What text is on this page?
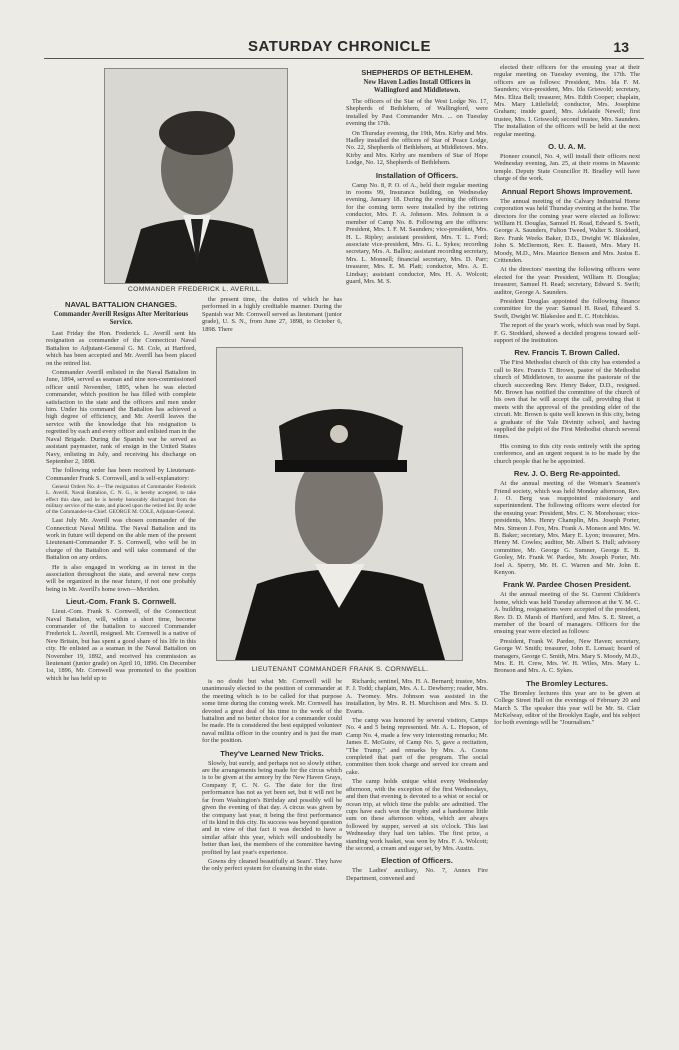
SATURDAY CHRONICLE	13
COMMANDER FREDERICK L. AVERILL.
LIEUTENANT COMMANDER FRANK S. CORNWELL.
NAVAL BATTALION CHANGES.
Commander Averill Resigns After Meritorious Service.

Last Friday the Hon. Frederick L. Averill sent his resignation as commander of the Connecticut Naval Battalion to Adjutant-General G. M. Cole, at Hartford, which has been accepted and Mr. Averill has been placed on the retired list.

Commander Averill enlisted in the Naval Battalion in June, 1894, served as seaman and nine non-commissioned officer until November, 1895, when he was elected commander, which position he has filled with complete satisfaction to the state and the officers and men under him. Under his command the Battalion has achieved a high degree of efficiency, and Mr. Averill leaves the service with the knowledge that his resignation is regretted by each and every officer and enlisted man in the Naval Brigade. During the Spanish war he served as assistant paymaster, rank of ensign in the United States Navy, enlisting in July, and receiving his discharge on September 2, 1898.

The following order has been received by Lieutenant-Commander Frank S. Cornwell, and is self-explanatory:

General Orders No. 4—The resignation of Commander Frederick L. Averill, Naval Battalion, C. N. G., is hereby accepted, to take effect this date, and he is hereby honorably discharged from the military service of the state, and placed upon the retired list. By order of the Commander-in-Chief. GEORGE M. COLE, Adjutant-General.

Last July Mr. Averill was chosen commander of the Connecticut Naval Militia. The Naval Battalion and its work in future will depend on the able men of the present Lieutenant-Commander F. S. Cornwell, who will be in charge of the Battalion and will take command of the Battalion on any orders.

He is also engaged in working as in terest in the association throughout the state, and several new corps will be organized in the near future, if not one probably being in Mr. Averill's home town—Meriden.

Lieut.-Com. Frank S. Cornwell.

Lieut.-Com. Frank S. Cornwell, of the Connecticut Naval Battalion, will, within a short time, become commander of the battalion to succeed Commander Frederick L. Averill, resigned. Mr. Cornwell is a native of New Britain, but has spent a good share of his life in this city. He enlisted as a seaman in the Naval Battalion on November 19, 1892, and received his commission as lieutenant (junior grade) on April 10, 1896. On December 1st, 1896, Mr. Cornwell was promoted to the position which he has held up to

the present time, the duties of which he has performed in a highly creditable manner. During the Spanish war Mr. Cornwell served as lieutenant (junior grade), U. S. N., from June 27, 1898, to October 6, 1898. There

is no doubt but what Mr. Cornwell will be unanimously elected to the position of commander at the meeting which is to be called for that purpose some time during the coming week. Mr. Cornwell has devoted a great deal of his time to the work of the battalion and no better choice for a commander could be made. He is considered the best equipped volunteer naval militia officer in the country and is just the man for the position.

They've Learned New Tricks.

Slowly, but surely, and perhaps not so slowly either, are the arrangements being made for the circus which is to be given at the armory by the New Haven Grays, Company F, C. N. G. The date for the first performance has not as yet been set, but it will not be far from Washington's Birthday and possibly will be given the evening of that day. A circus was given by the company last year, it being the first performance of its kind in this city. Its success was beyond question and in view of that fact it was decided to have a similar affair this year, which will undoubtedly be better than last, the members of the committee having profited by last year's experience.

Gowns dry cleaned beautifully at Sears'. They have the only perfect system for cleansing in the state.

SHEPHERDS OF BETHLEHEM.
New Haven Ladies Install Officers in Wallingford and Middletown.

The officers of the Star of the West Lodge No. 17, Shepherds of Bethlehem, of Wallingford, were installed by Past Commander Mrs. ... on Tuesday evening the 17th.

On Thursday evening, the 19th, Mrs. Kirby and Mrs. Hadley installed the officers of Star of Peace Lodge, No. 22, Shepherds of Bethlehem, at Middletown. Mrs. Kirby and Mrs. Kirby are members of Star of Hope Lodge, No. 12, Shepherds of Bethlehem.

Installation of Officers.

Camp No. 8, P. O. of A., held their regular meeting in rooms 99, Insurance building, on Wednesday evening, January 18. During the evening the officers for the coming term were installed by the retiring conductor, Mrs. F. A. Johnson. Mrs. Johnson is a member of Camp No. 8. Following are the officers: President, Mrs. I. F. M. Saunders; vice-president, Mrs. H. L. Ripley; assistant president, Mrs. T. L. Ford; associate vice-president, Mrs. G. L. Sykes; recording secretary, Mrs. A. Ballou; assistant recording secretary, Mrs. L. Monnell; financial secretary, Mrs. D. Parr; treasurer, Mrs. E. M. Platt; conductor, Mrs. A. E. Lindsay; assistant conductor, Mrs. H. A. Wolcott; guard, Mrs. M. S.

Richards; sentinel, Mrs. H. A. Bernard; trustee, Mrs. F. J. Todd; chaplain, Mrs. A. L. Dewberry; reader, Mrs. A. Twomey. Mrs. Johnson was assisted in the installation, by Mrs. R. H. Murchison and Mrs. S. D. Evarts.

The camp was honored by several visitors, Camps No. 4 and 5 being represented. Mr. A. L. Hopson, of Camp No. 4, made a few very interesting remarks; Mr. James E. McGuire, of Camp No. 5, gave a recitation, "The Tramp," and remarks by Mrs. A. Coons completed that part of the program. The social committee then took charge and served ice cream and cake.

The camp holds unique whist every Wednesday afternoon, with the exception of the first Wednesdays, and then that evening is devoted to a whist or social or ocean trip, at which time the public are admitted. The cups have each won the trophy and a handsome little sum on these afternoon whists, which are always followed by supper, served at six o'clock. This last Wednesday they had ten tables. The first prize, a standing work basket, was won by Mrs. F. A. Wolcott; the second, a cream and sugar set, by Mrs. Austin.

Election of Officers.

The Ladies' auxiliary, No. 7, Annex Fire Department, convened and

elected their officers for the ensuing year at their regular meeting on Tuesday evening, the 17th. The officers are as follows: President, Mrs. Ida F. M. Saunders; vice-president, Mrs. Ida Griswold; secretary, Mrs. Eliza Bell; treasurer, Mrs. Edith Cooper; chaplain, Mrs. Mary Littlefield; conductor, Mrs. Josephine Graham; inside guard, Mrs. Adelaide Newell; first trustee, Mrs. I. Griswold; second trustee, Mrs. Saunders. The installation of the officers will be held at the next regular meeting.

O. U. A. M.

Pioneer council, No. 4, will install their officers next Wednesday evening, Jan. 25, at their rooms in Masonic temple. Deputy State Councillor H. Bradley will have charge of the work.

Annual Report Shows Improvement.

The annual meeting of the Calvary Industrial Home corporation was held Thursday evening at the home. The directors for the coming year were elected as follows: William H. Douglas, Samuel H. Read, Edward S. Swift, George A. Saunders, Fulton Tweed, Walter S. Stoddard, Rev. Frank Weeks Baker, D.D., Dwight W. Blakeslee, John S. McDermott, Rev. E. Bassett, Mrs. Mary H. Moody, M.D., Mrs. Maurice Benson and Mrs. Justus E. Crittenden.

At the directors' meeting the following officers were elected for the year: President, William H. Douglas; treasurer, Samuel H. Read; secretary, Edward S. Swift; auditor, George A. Saunders.

President Douglas appointed the following finance committee for the year: Samuel H. Read, Edward S. Swift, Dwight W. Blakeslee and E. C. Hotchkiss.

The report of the year's work, which was read by Supt. F. G. Stoddard, showed a decided progress toward self-support of the institution.

Rev. Francis T. Brown Called.

The First Methodist church of this city has extended a call to Rev. Francis T. Brown, pastor of the Methodist church of Middletown, to assume the pastorate of the church succeeding Rev. Henry Baker, D.D., resigned. Mr. Brown has notified the committee of the church of his own that he will accept the call, providing that it meets with the approval of the presiding elder of the circuit. Mr. Brown is quite well known in this city, being a graduate of the Yale Divinity school, and having supplied the pulpit of the First Methodist church several times.

His coming to this city rests entirely with the spring conference, and an urgent request is to be made by the church people that he be appointed.

Rev. J. O. Berg Re-appointed.

At the annual meeting of the Woman's Seamen's Friend society, which was held Monday afternoon, Rev. J. O. Berg was reappointed missionary and superintendent. The following officers were elected for the ensuing year: President, Mrs. C. N. Morehouse; vice-presidents, Mrs. Henry Champlin, Mrs. Joseph Porter, Mrs. Simeon J. Fox, Mrs. Frank A. Monson and Mrs. W. B. Baker; secretary, Mrs. Mary E. Lyon; treasurer, Mrs. Henry M. Cowles; auditor, Mr. Albert S. Hull; advisory committee, Mr. George G. Sumner, George E. B. Gooley, Mr. Frank W. Pardee, Mr. Joseph Porter, Mr. Joel A. Sperry, Mr. H. C. Warren and Mr. John E. Kenyon.

Frank W. Pardee Chosen President.

At the annual meeting of the St. Current Children's home, which was held Tuesday afternoon at the Y. M. C. A. building, resignations were accepted of the president, Rev. D. D. Marsh of Hartford, and Mrs. S. E. Street, a member of the board of managers. Officers for the ensuing year were elected as follows:

President, Frank W. Pardee, New Haven; secretary, George W. Smith; treasurer, John E. Lomasi; board of managers, George C. Smith, Mrs. Mary S. Moody, M.D., Mrs. E. H. Crew, Mrs. W. H. Wiles, Mrs. Mary L. Bronson and Mrs. A. C. Sykes.

The Bromley Lectures.

The Bromley lectures this year are to be given at College Street Hall on the evenings of February 20 and March 5. The speaker this year will be Mr. St. Clair McKelway, editor of the Brooklyn Eagle, and his subject for both evenings will be "Journalism."
